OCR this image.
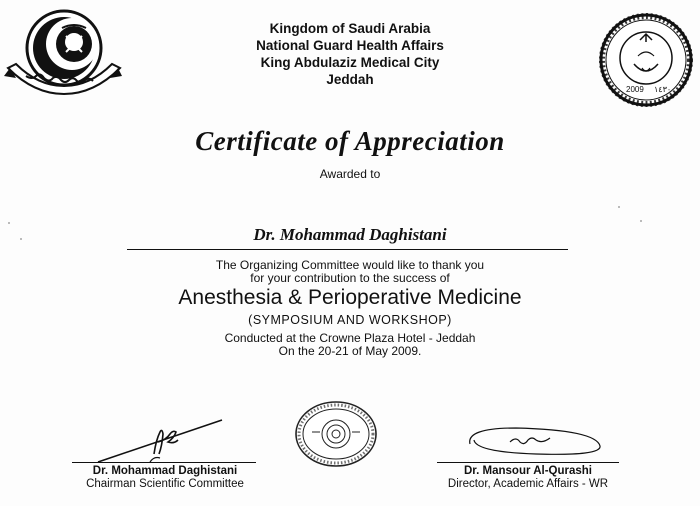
Kingdom of Saudi Arabia
National Guard Health Affairs
King Abdulaziz Medical City
Jeddah
2009 ١٤٣٠
Certificate of Appreciation
Awarded to
Dr. Mohammad Daghistani
The Organizing Committee would like to thank you
for your contribution to the success of
Anesthesia & Perioperative Medicine
(SYMPOSIUM AND WORKSHOP)
Conducted at the Crowne Plaza Hotel - Jeddah
On the 20-21 of May 2009.
Dr. Mohammad Daghistani
Chairman Scientific Committee
Dr. Mansour Al-Qurashi
Director, Academic Affairs - WR
